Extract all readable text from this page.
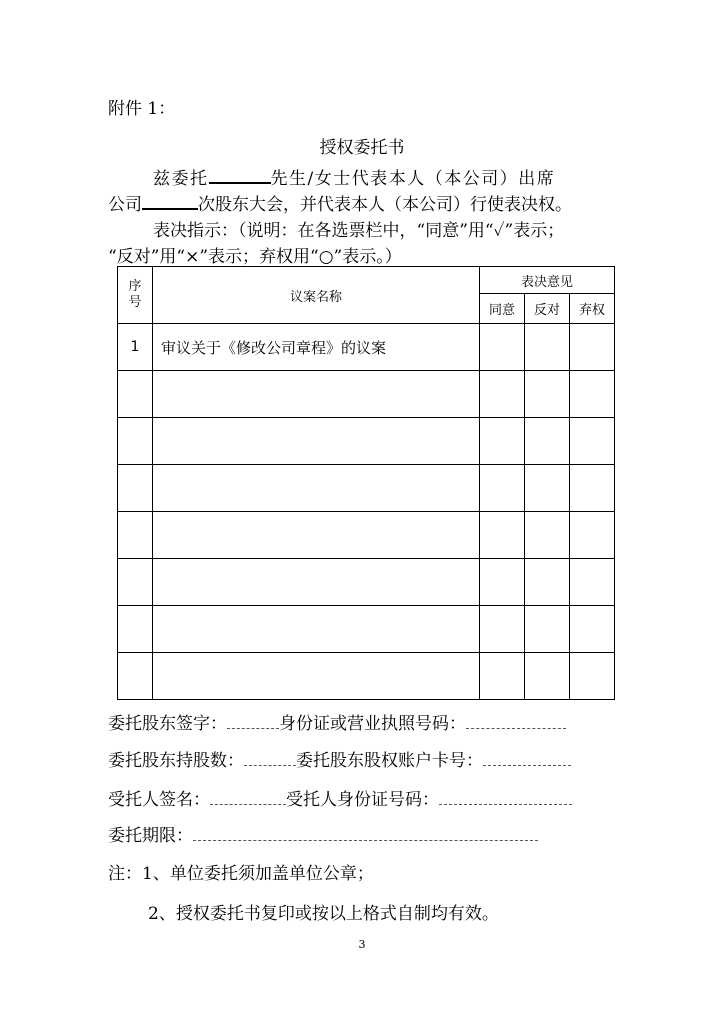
附件 1：
授权委托书
兹委托	先生/女士代表本人（本公司）出席
公司	次股东大会，并代表本人（本公司）行使表决权。
表决指示：（说明：在各选票栏中，“同意”用“✓”表示；
“反对”用“×”表示；弃权用“○”表示。）
序号	议案名称	表决意见		
		同意	反对	弃权
1	审议关于《修改公司章程》的议案			

委托股东签字：	身份证或营业执照号码：
委托股东持股数：	委托股东股权账户卡号：
受托人签名：	受托人身份证号码：
委托期限：
注：1、单位委托须加盖单位公章；
2、授权委托书复印或按以上格式自制均有效。
3
